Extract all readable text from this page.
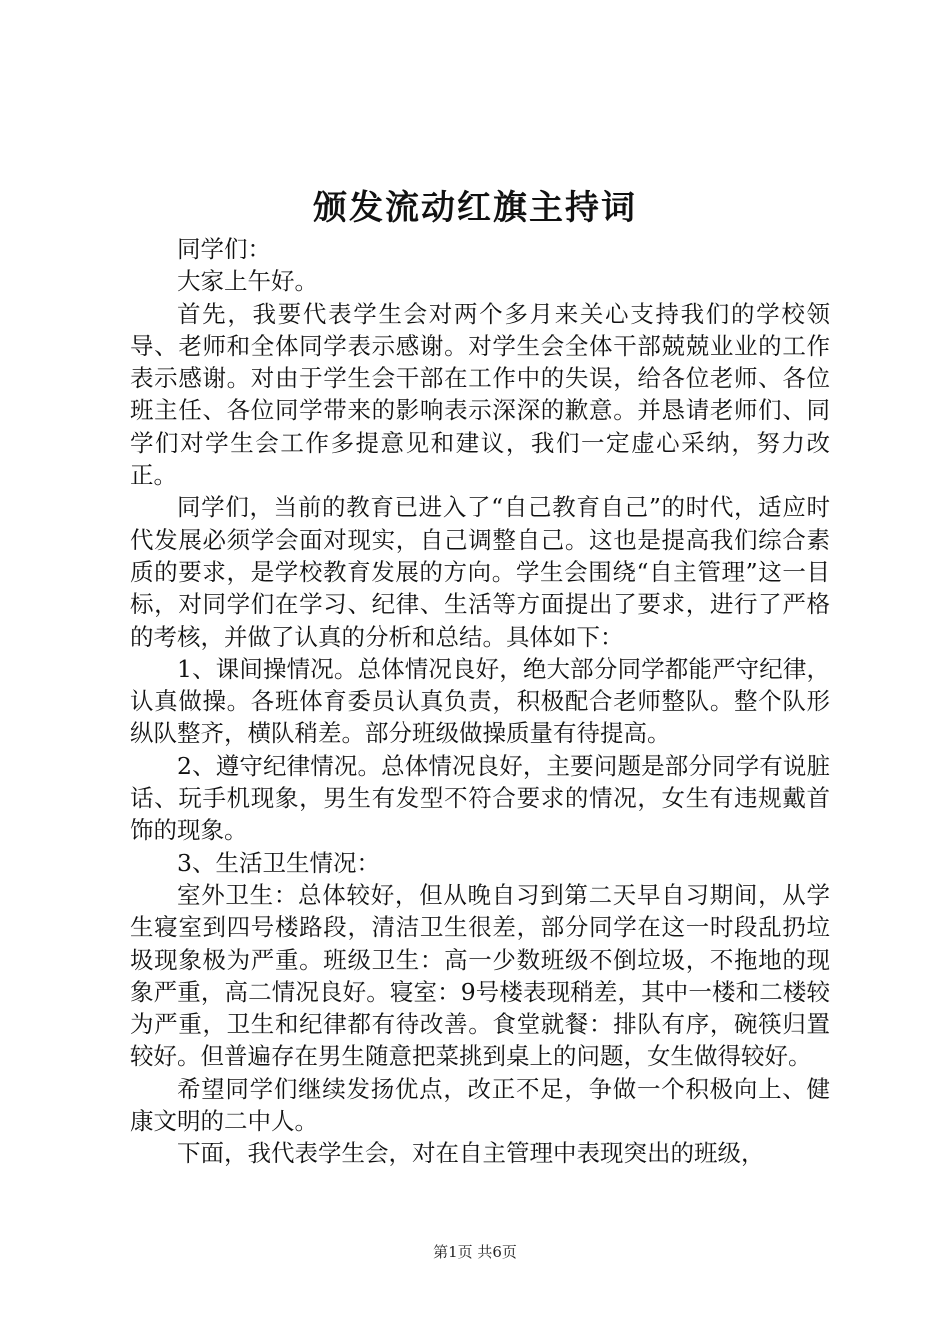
颁发流动红旗主持词

同学们：

大家上午好。

首先，我要代表学生会对两个多月来关心支持我们的学校领导、老师和全体同学表示感谢。对学生会全体干部兢兢业业的工作表示感谢。对由于学生会干部在工作中的失误，给各位老师、各位班主任、各位同学带来的影响表示深深的歉意。并恳请老师们、同学们对学生会工作多提意见和建议，我们一定虚心采纳，努力改正。

同学们，当前的教育已进入了“自己教育自己”的时代，适应时代发展必须学会面对现实，自己调整自己。这也是提高我们综合素质的要求，是学校教育发展的方向。学生会围绕“自主管理”这一目标，对同学们在学习、纪律、生活等方面提出了要求，进行了严格的考核，并做了认真的分析和总结。具体如下：

1、课间操情况。总体情况良好，绝大部分同学都能严守纪律，认真做操。各班体育委员认真负责，积极配合老师整队。整个队形纵队整齐，横队稍差。部分班级做操质量有待提高。

2、遵守纪律情况。总体情况良好，主要问题是部分同学有说脏话、玩手机现象，男生有发型不符合要求的情况，女生有违规戴首饰的现象。

3、生活卫生情况：

室外卫生：总体较好，但从晚自习到第二天早自习期间，从学生寝室到四号楼路段，清洁卫生很差，部分同学在这一时段乱扔垃圾现象极为严重。班级卫生：高一少数班级不倒垃圾，不拖地的现象严重，高二情况良好。寝室：9号楼表现稍差，其中一楼和二楼较为严重，卫生和纪律都有待改善。食堂就餐：排队有序，碗筷归置较好。但普遍存在男生随意把菜挑到桌上的问题，女生做得较好。

希望同学们继续发扬优点，改正不足，争做一个积极向上、健康文明的二中人。

下面，我代表学生会，对在自主管理中表现突出的班级，

第1页 共6页
